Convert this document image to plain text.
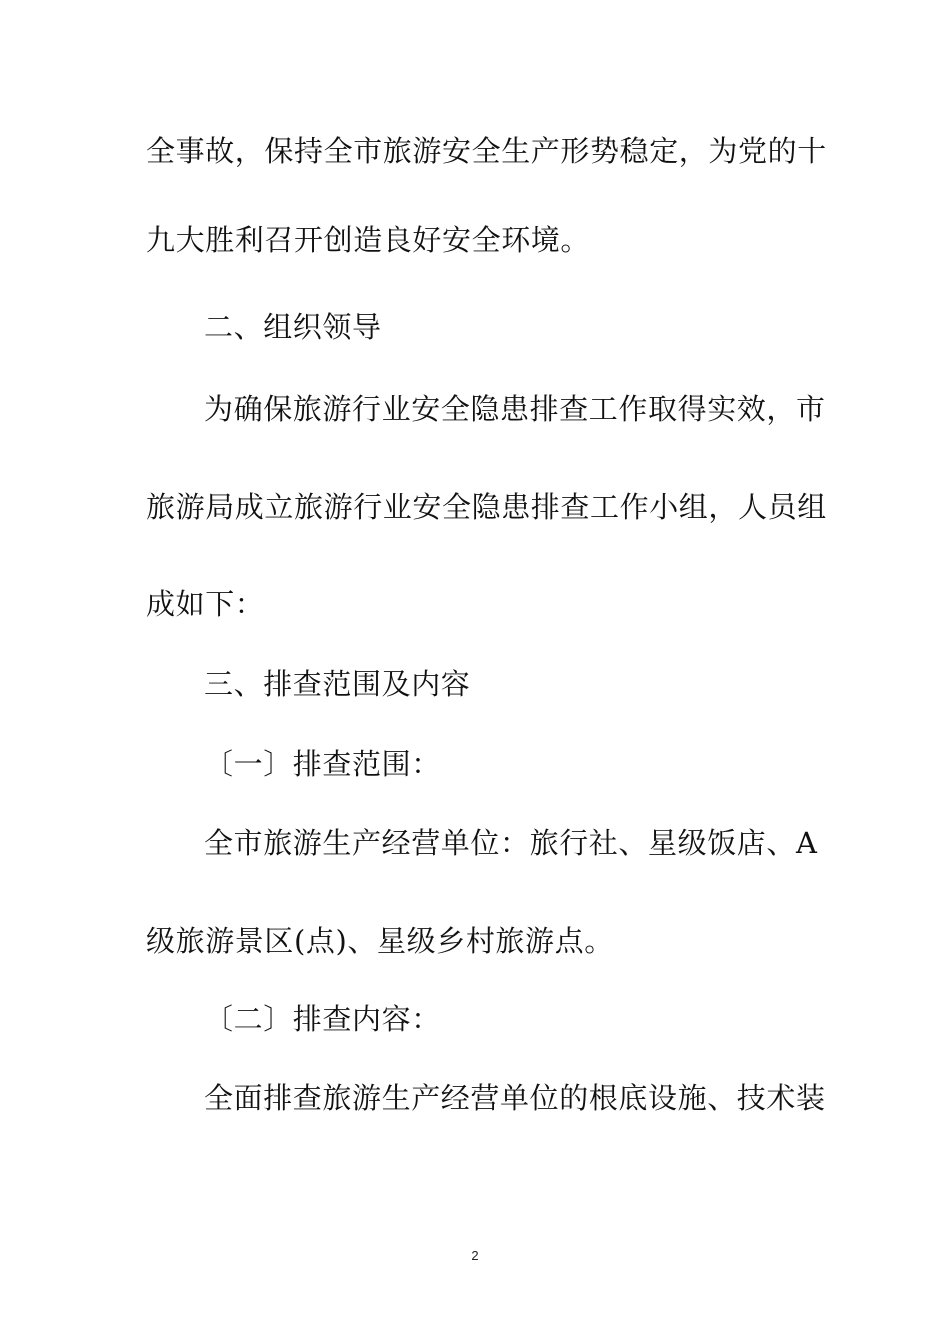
全事故，保持全市旅游安全生产形势稳定，为党的十
九大胜利召开创造良好安全环境。
二、组织领导
为确保旅游行业安全隐患排查工作取得实效，市
旅游局成立旅游行业安全隐患排查工作小组，人员组
成如下：
三、排查范围及内容
〔一〕排查范围：
全市旅游生产经营单位：旅行社、星级饭店、A
级旅游景区(点)、星级乡村旅游点。
〔二〕排查内容：
全面排查旅游生产经营单位的根底设施、技术装
2
